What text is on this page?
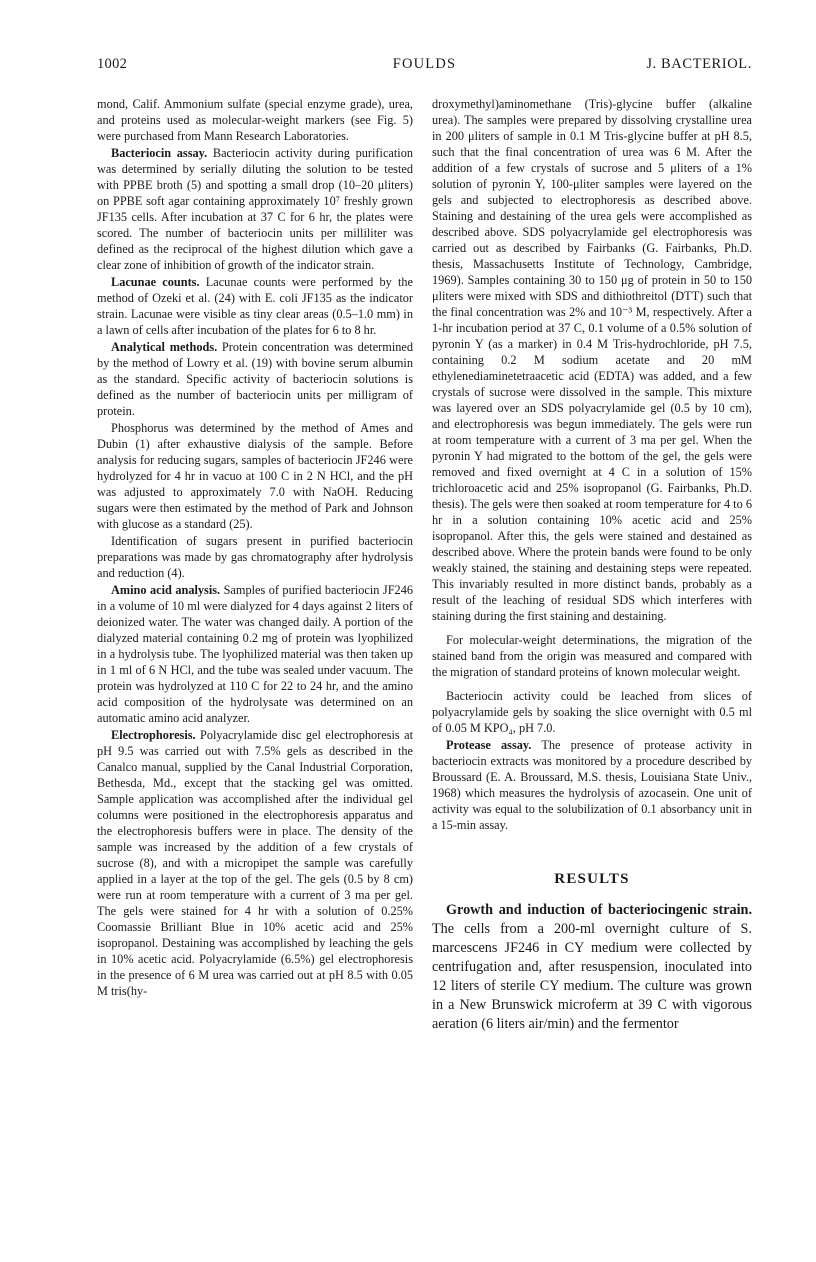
1002	FOULDS	J. BACTERIOL.

mond, Calif. Ammonium sulfate (special enzyme grade), urea, and proteins used as molecular-weight markers (see Fig. 5) were purchased from Mann Research Laboratories.

Bacteriocin assay. Bacteriocin activity during purification was determined by serially diluting the solution to be tested with PPBE broth (5) and spotting a small drop (10–20 μliters) on PPBE soft agar containing approximately 10⁷ freshly grown JF135 cells. After incubation at 37 C for 6 hr, the plates were scored. The number of bacteriocin units per milliliter was defined as the reciprocal of the highest dilution which gave a clear zone of inhibition of growth of the indicator strain.

Lacunae counts. Lacunae counts were performed by the method of Ozeki et al. (24) with E. coli JF135 as the indicator strain. Lacunae were visible as tiny clear areas (0.5–1.0 mm) in a lawn of cells after incubation of the plates for 6 to 8 hr.

Analytical methods. Protein concentration was determined by the method of Lowry et al. (19) with bovine serum albumin as the standard. Specific activity of bacteriocin solutions is defined as the number of bacteriocin units per milligram of protein.

Phosphorus was determined by the method of Ames and Dubin (1) after exhaustive dialysis of the sample. Before analysis for reducing sugars, samples of bacteriocin JF246 were hydrolyzed for 4 hr in vacuo at 100 C in 2 N HCl, and the pH was adjusted to approximately 7.0 with NaOH. Reducing sugars were then estimated by the method of Park and Johnson with glucose as a standard (25).

Identification of sugars present in purified bacteriocin preparations was made by gas chromatography after hydrolysis and reduction (4).

Amino acid analysis. Samples of purified bacteriocin JF246 in a volume of 10 ml were dialyzed for 4 days against 2 liters of deionized water. The water was changed daily. A portion of the dialyzed material containing 0.2 mg of protein was lyophilized in a hydrolysis tube. The lyophilized material was then taken up in 1 ml of 6 N HCl, and the tube was sealed under vacuum. The protein was hydrolyzed at 110 C for 22 to 24 hr, and the amino acid composition of the hydrolysate was determined on an automatic amino acid analyzer.

Electrophoresis. Polyacrylamide disc gel electrophoresis at pH 9.5 was carried out with 7.5% gels as described in the Canalco manual, supplied by the Canal Industrial Corporation, Bethesda, Md., except that the stacking gel was omitted. Sample application was accomplished after the individual gel columns were positioned in the electrophoresis apparatus and the electrophoresis buffers were in place. The density of the sample was increased by the addition of a few crystals of sucrose (8), and with a micropipet the sample was carefully applied in a layer at the top of the gel. The gels (0.5 by 8 cm) were run at room temperature with a current of 3 ma per gel. The gels were stained for 4 hr with a solution of 0.25% Coomassie Brilliant Blue in 10% acetic acid and 25% isopropanol. Destaining was accomplished by leaching the gels in 10% acetic acid. Polyacrylamide (6.5%) gel electrophoresis in the presence of 6 M urea was carried out at pH 8.5 with 0.05 M tris(hy-

droxymethyl)aminomethane (Tris)-glycine buffer (alkaline urea). The samples were prepared by dissolving crystalline urea in 200 μliters of sample in 0.1 M Tris-glycine buffer at pH 8.5, such that the final concentration of urea was 6 M. After the addition of a few crystals of sucrose and 5 μliters of a 1% solution of pyronin Y, 100-μliter samples were layered on the gels and subjected to electrophoresis as described above. Staining and destaining of the urea gels were accomplished as described above. SDS polyacrylamide gel electrophoresis was carried out as described by Fairbanks (G. Fairbanks, Ph.D. thesis, Massachusetts Institute of Technology, Cambridge, 1969). Samples containing 30 to 150 μg of protein in 50 to 150 μliters were mixed with SDS and dithiothreitol (DTT) such that the final concentration was 2% and 10⁻³ M, respectively. After a 1-hr incubation period at 37 C, 0.1 volume of a 0.5% solution of pyronin Y (as a marker) in 0.4 M Tris-hydrochloride, pH 7.5, containing 0.2 M sodium acetate and 20 mM ethylenediaminetetraacetic acid (EDTA) was added, and a few crystals of sucrose were dissolved in the sample. This mixture was layered over an SDS polyacrylamide gel (0.5 by 10 cm), and electrophoresis was begun immediately. The gels were run at room temperature with a current of 3 ma per gel. When the pyronin Y had migrated to the bottom of the gel, the gels were removed and fixed overnight at 4 C in a solution of 15% trichloroacetic acid and 25% isopropanol (G. Fairbanks, Ph.D. thesis). The gels were then soaked at room temperature for 4 to 6 hr in a solution containing 10% acetic acid and 25% isopropanol. After this, the gels were stained and destained as described above. Where the protein bands were found to be only weakly stained, the staining and destaining steps were repeated. This invariably resulted in more distinct bands, probably as a result of the leaching of residual SDS which interferes with staining during the first staining and destaining.

For molecular-weight determinations, the migration of the stained band from the origin was measured and compared with the migration of standard proteins of known molecular weight.

Bacteriocin activity could be leached from slices of polyacrylamide gels by soaking the slice overnight with 0.5 ml of 0.05 M KPO₄, pH 7.0.

Protease assay. The presence of protease activity in bacteriocin extracts was monitored by a procedure described by Broussard (E. A. Broussard, M.S. thesis, Louisiana State Univ., 1968) which measures the hydrolysis of azocasein. One unit of activity was equal to the solubilization of 0.1 absorbancy unit in a 15-min assay.

RESULTS

Growth and induction of bacteriocingenic strain. The cells from a 200-ml overnight culture of S. marcescens JF246 in CY medium were collected by centrifugation and, after resuspension, inoculated into 12 liters of sterile CY medium. The culture was grown in a New Brunswick microferm at 39 C with vigorous aeration (6 liters air/min) and the fermentor
